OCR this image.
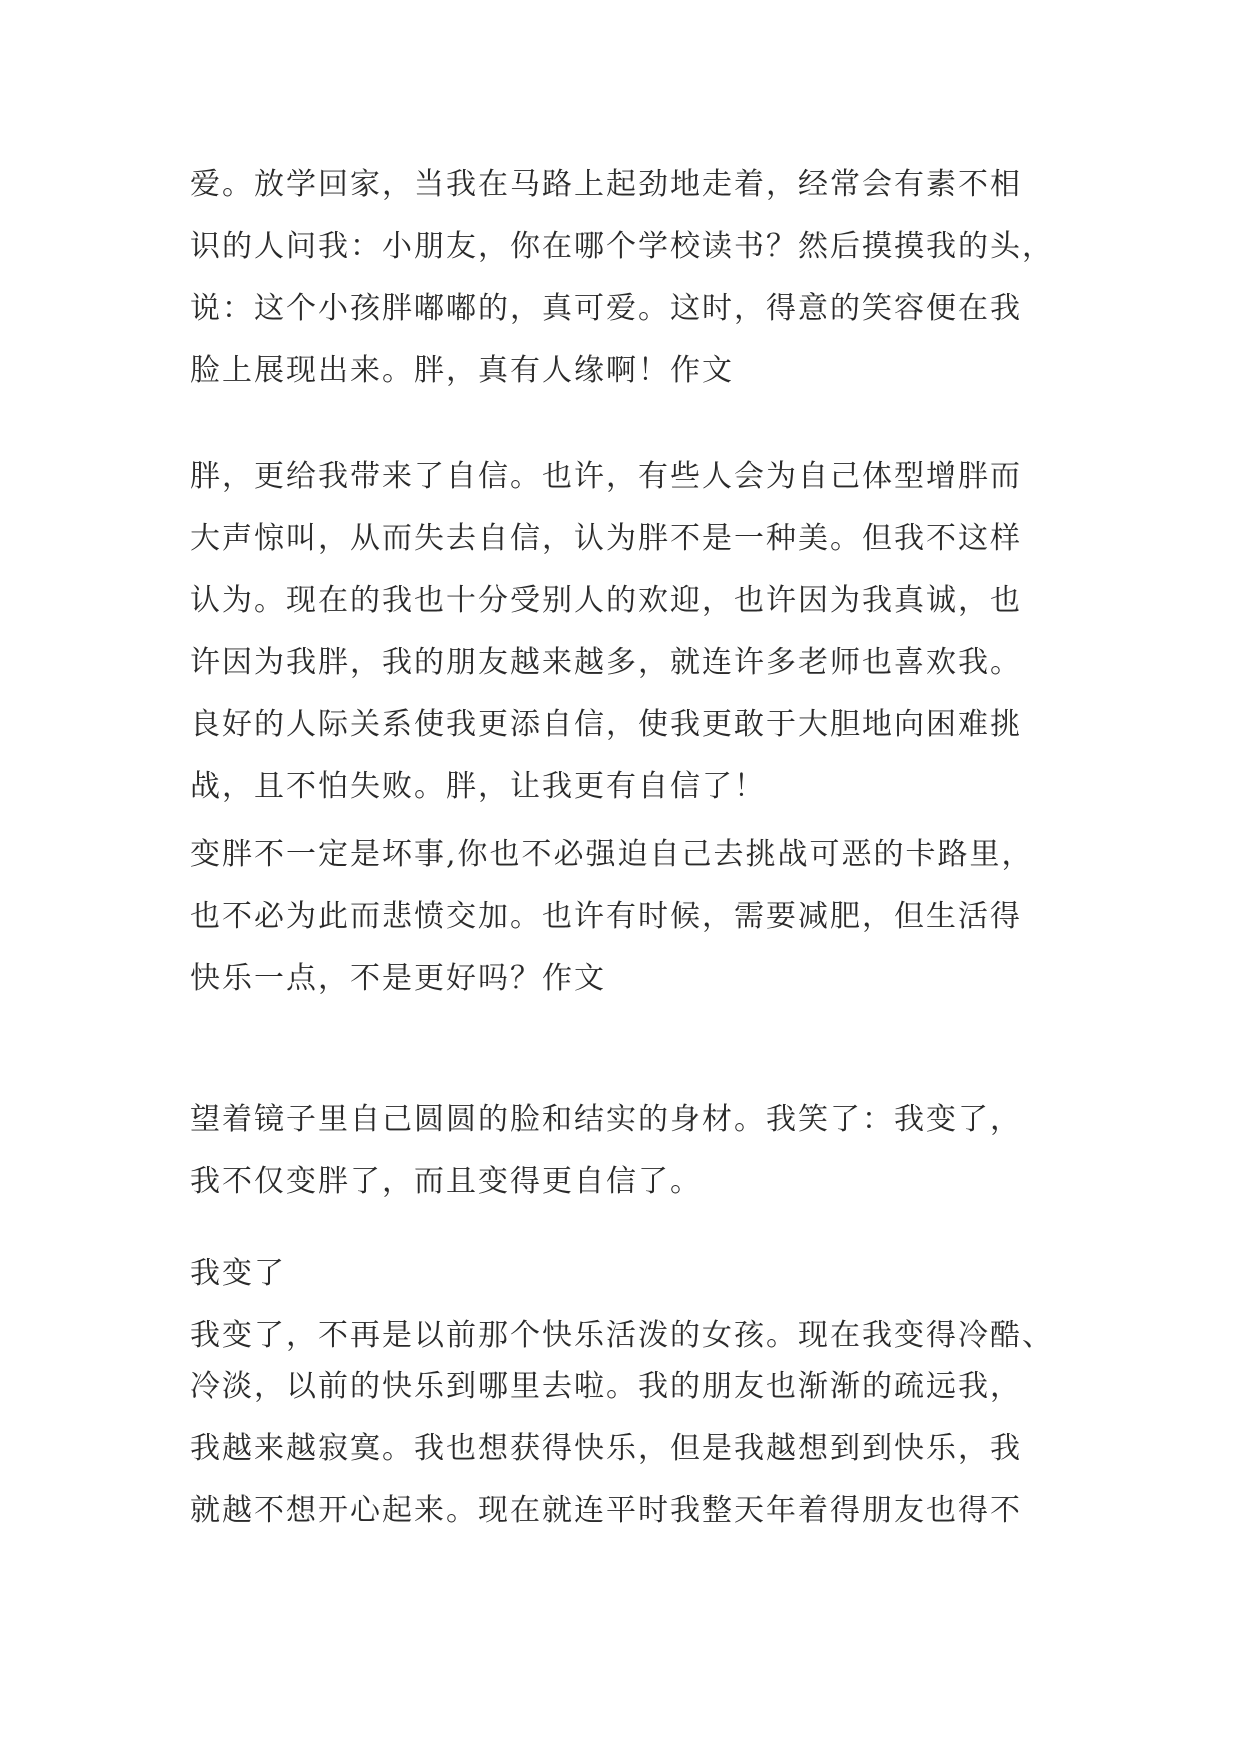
爱。放学回家，当我在马路上起劲地走着，经常会有素不相
识的人问我：小朋友，你在哪个学校读书？然后摸摸我的头，
说：这个小孩胖嘟嘟的，真可爱。这时，得意的笑容便在我
脸上展现出来。胖，真有人缘啊！作文
胖，更给我带来了自信。也许，有些人会为自己体型增胖而
大声惊叫，从而失去自信，认为胖不是一种美。但我不这样
认为。现在的我也十分受别人的欢迎，也许因为我真诚，也
许因为我胖，我的朋友越来越多，就连许多老师也喜欢我。
良好的人际关系使我更添自信，使我更敢于大胆地向困难挑
战，且不怕失败。胖，让我更有自信了！
变胖不一定是坏事,你也不必强迫自己去挑战可恶的卡路里，
也不必为此而悲愤交加。也许有时候，需要减肥，但生活得
快乐一点，不是更好吗？作文
望着镜子里自己圆圆的脸和结实的身材。我笑了：我变了，
我不仅变胖了，而且变得更自信了。
我变了
我变了，不再是以前那个快乐活泼的女孩。现在我变得冷酷、
冷淡，以前的快乐到哪里去啦。我的朋友也渐渐的疏远我，
我越来越寂寞。我也想获得快乐，但是我越想到到快乐，我
就越不想开心起来。现在就连平时我整天年着得朋友也得不
